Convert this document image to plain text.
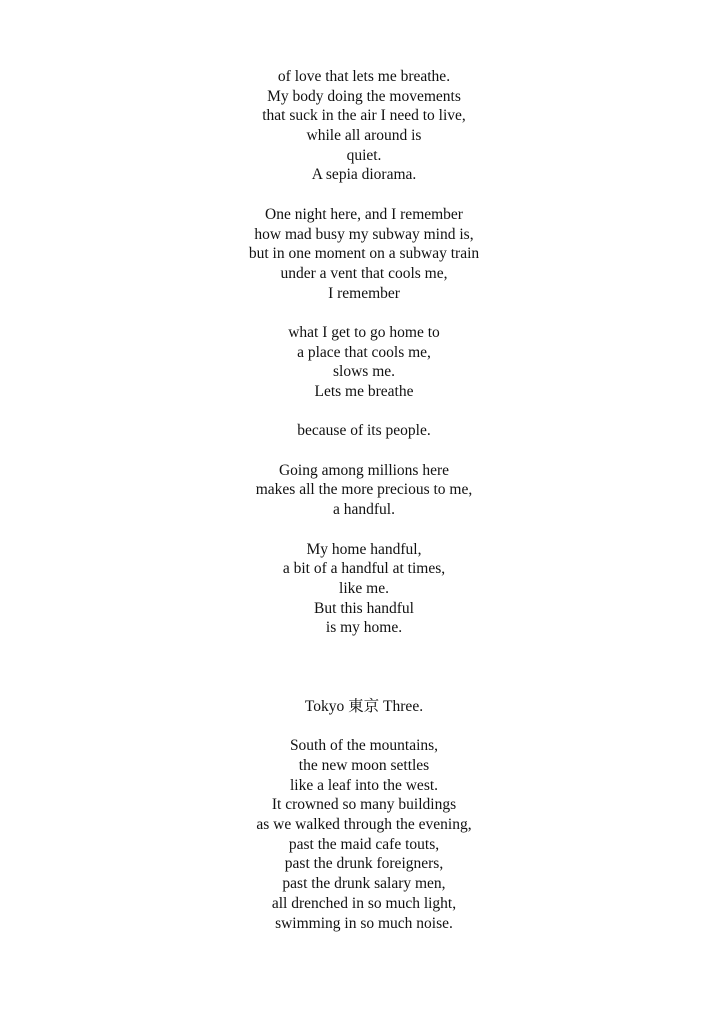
of love that lets me breathe.
My body doing the movements
that suck in the air I need to live,
while all around is
quiet.
A sepia diorama.
One night here, and I remember
how mad busy my subway mind is,
but in one moment on a subway train
under a vent that cools me,
I remember
what I get to go home to
a place that cools me,
slows me.
Lets me breathe
because of its people.
Going among millions here
makes all the more precious to me,
a handful.
My home handful,
a bit of a handful at times,
like me.
But this handful
is my home.
Tokyo 東京 Three.
South of the mountains,
the new moon settles
like a leaf into the west.
It crowned so many buildings
as we walked through the evening,
past the maid cafe touts,
past the drunk foreigners,
past the drunk salary men,
all drenched in so much light,
swimming in so much noise.
